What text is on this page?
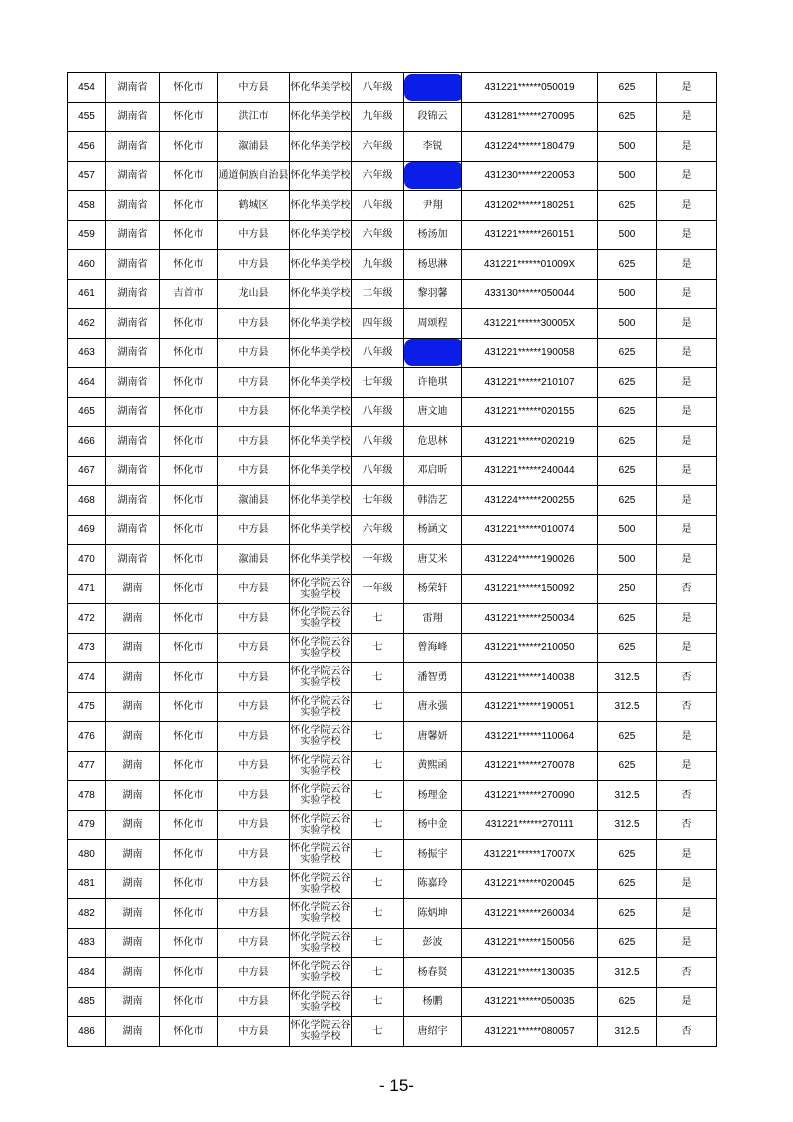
454	湖南省	怀化市	中方县	怀化华美学校	八年级		431221******050019	625	是
455	湖南省	怀化市	洪江市	怀化华美学校	九年级	段锦云	431281******270095	625	是
456	湖南省	怀化市	溆浦县	怀化华美学校	六年级	李锐	431224******180479	500	是
457	湖南省	怀化市	通道侗族自治县	怀化华美学校	六年级		431230******220053	500	是
458	湖南省	怀化市	鹤城区	怀化华美学校	八年级	尹翔	431202******180251	625	是
459	湖南省	怀化市	中方县	怀化华美学校	六年级	杨汤加	431221******260151	500	是
460	湖南省	怀化市	中方县	怀化华美学校	九年级	杨思淋	431221******01009X	625	是
461	湖南省	吉首市	龙山县	怀化华美学校	二年级	黎羽馨	433130******050044	500	是
462	湖南省	怀化市	中方县	怀化华美学校	四年级	周颂程	431221******30005X	500	是
463	湖南省	怀化市	中方县	怀化华美学校	八年级		431221******190058	625	是
464	湖南省	怀化市	中方县	怀化华美学校	七年级	许艳琪	431221******210107	625	是
465	湖南省	怀化市	中方县	怀化华美学校	八年级	唐文迪	431221******020155	625	是
466	湖南省	怀化市	中方县	怀化华美学校	八年级	危思林	431221******020219	625	是
467	湖南省	怀化市	中方县	怀化华美学校	八年级	邓启昕	431221******240044	625	是
468	湖南省	怀化市	溆浦县	怀化华美学校	七年级	韩浩艺	431224******200255	625	是
469	湖南省	怀化市	中方县	怀化华美学校	六年级	杨涵文	431221******010074	500	是
470	湖南省	怀化市	溆浦县	怀化华美学校	一年级	唐艾米	431224******190026	500	是
471	湖南	怀化市	中方县	怀化学院云谷实验学校	一年级	杨荣轩	431221******150092	250	否
472	湖南	怀化市	中方县	怀化学院云谷实验学校	七	雷翔	431221******250034	625	是
473	湖南	怀化市	中方县	怀化学院云谷实验学校	七	曾海峰	431221******210050	625	是
474	湖南	怀化市	中方县	怀化学院云谷实验学校	七	潘智勇	431221******140038	312.5	否
475	湖南	怀化市	中方县	怀化学院云谷实验学校	七	唐永强	431221******190051	312.5	否
476	湖南	怀化市	中方县	怀化学院云谷实验学校	七	唐馨妍	431221******110064	625	是
477	湖南	怀化市	中方县	怀化学院云谷实验学校	七	黄熙函	431221******270078	625	是
478	湖南	怀化市	中方县	怀化学院云谷实验学校	七	杨理金	431221******270090	312.5	否
479	湖南	怀化市	中方县	怀化学院云谷实验学校	七	杨中金	431221******270111	312.5	否
480	湖南	怀化市	中方县	怀化学院云谷实验学校	七	杨振宇	431221******17007X	625	是
481	湖南	怀化市	中方县	怀化学院云谷实验学校	七	陈嘉玲	431221******020045	625	是
482	湖南	怀化市	中方县	怀化学院云谷实验学校	七	陈炳坤	431221******260034	625	是
483	湖南	怀化市	中方县	怀化学院云谷实验学校	七	彭波	431221******150056	625	是
484	湖南	怀化市	中方县	怀化学院云谷实验学校	七	杨春贤	431221******130035	312.5	否
485	湖南	怀化市	中方县	怀化学院云谷实验学校	七	杨鹏	431221******050035	625	是
486	湖南	怀化市	中方县	怀化学院云谷实验学校	七	唐绍宇	431221******080057	312.5	否
- 15-
